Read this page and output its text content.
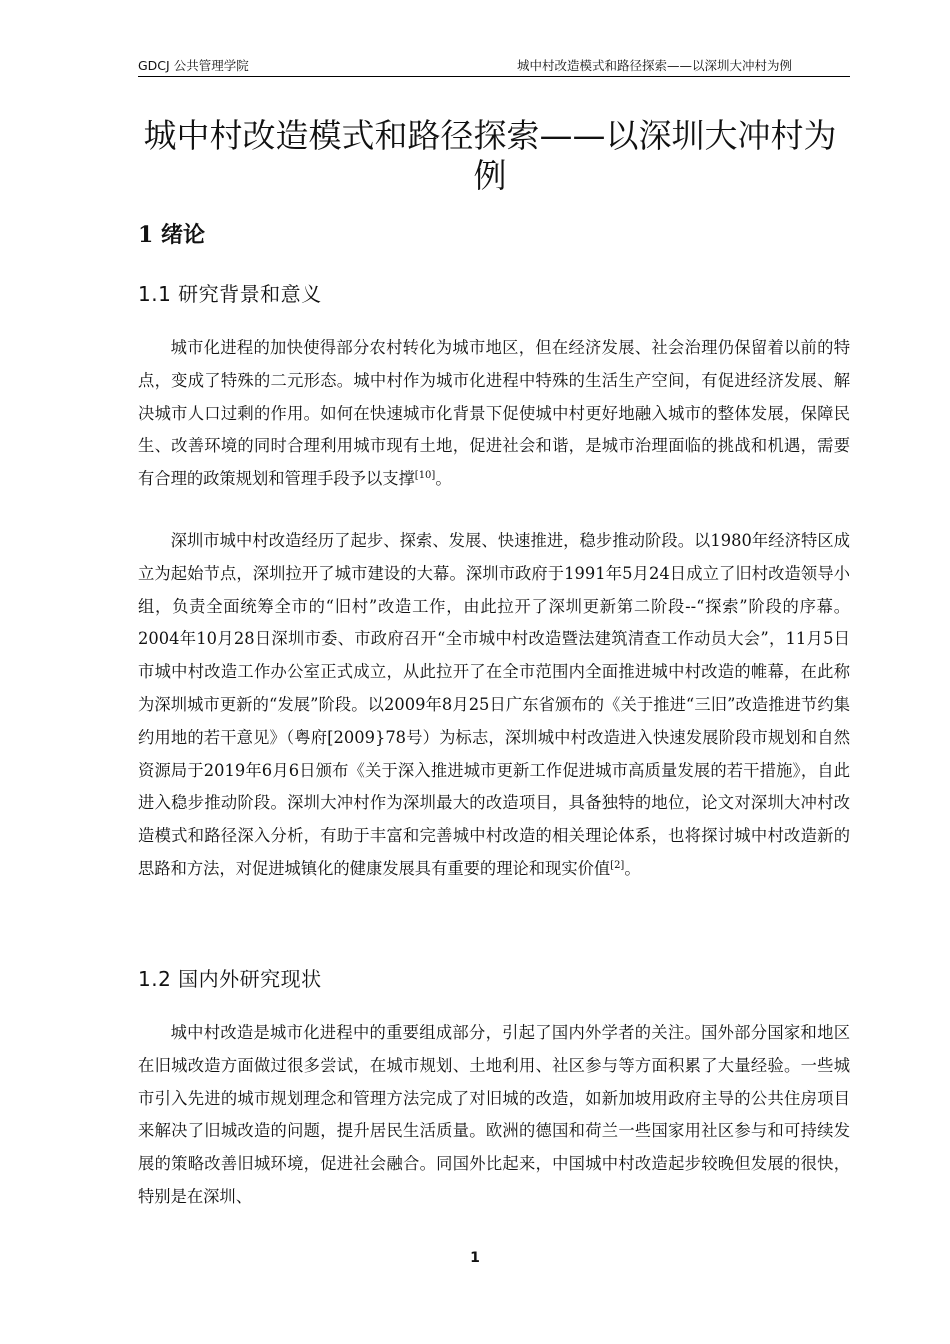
GDCJ 公共管理学院	城中村改造模式和路径探索——以深圳大冲村为例
城中村改造模式和路径探索——以深圳大冲村为例
1 绪论
1.1 研究背景和意义

城市化进程的加快使得部分农村转化为城市地区，但在经济发展、社会治理仍保留着以前的特点，变成了特殊的二元形态。城中村作为城市化进程中特殊的生活生产空间，有促进经济发展、解决城市人口过剩的作用。如何在快速城市化背景下促使城中村更好地融入城市的整体发展，保障民生、改善环境的同时合理利用城市现有土地，促进社会和谐，是城市治理面临的挑战和机遇，需要有合理的政策规划和管理手段予以支撑[10]。

深圳市城中村改造经历了起步、探索、发展、快速推进，稳步推动阶段。以1980年经济特区成立为起始节点，深圳拉开了城市建设的大幕。深圳市政府于1991年5月24日成立了旧村改造领导小组，负责全面统筹全市的“旧村”改造工作，由此拉开了深圳更新第二阶段--“探索”阶段的序幕。2004年10月28日深圳市委、市政府召开“全市城中村改造暨法建筑清查工作动员大会”，11月5日市城中村改造工作办公室正式成立，从此拉开了在全市范围内全面推进城中村改造的帷幕，在此称为深圳城市更新的“发展”阶段。以2009年8月25日广东省颁布的《关于推进“三旧”改造推进节约集约用地的若干意见》（粤府[2009}78号）为标志，深圳城中村改造进入快速发展阶段市规划和自然资源局于2019年6月6日颁布《关于深入推进城市更新工作促进城市高质量发展的若干措施》，自此进入稳步推动阶段。深圳大冲村作为深圳最大的改造项目，具备独特的地位，论文对深圳大冲村改造模式和路径深入分析，有助于丰富和完善城中村改造的相关理论体系，也将探讨城中村改造新的思路和方法，对促进城镇化的健康发展具有重要的理论和现实价值[2]。

1.2 国内外研究现状

城中村改造是城市化进程中的重要组成部分，引起了国内外学者的关注。国外部分国家和地区在旧城改造方面做过很多尝试，在城市规划、土地利用、社区参与等方面积累了大量经验。一些城市引入先进的城市规划理念和管理方法完成了对旧城的改造，如新加坡用政府主导的公共住房项目来解决了旧城改造的问题，提升居民生活质量。欧洲的德国和荷兰一些国家用社区参与和可持续发展的策略改善旧城环境，促进社会融合。同国外比起来，中国城中村改造起步较晚但发展的很快，特别是在深圳、

1
